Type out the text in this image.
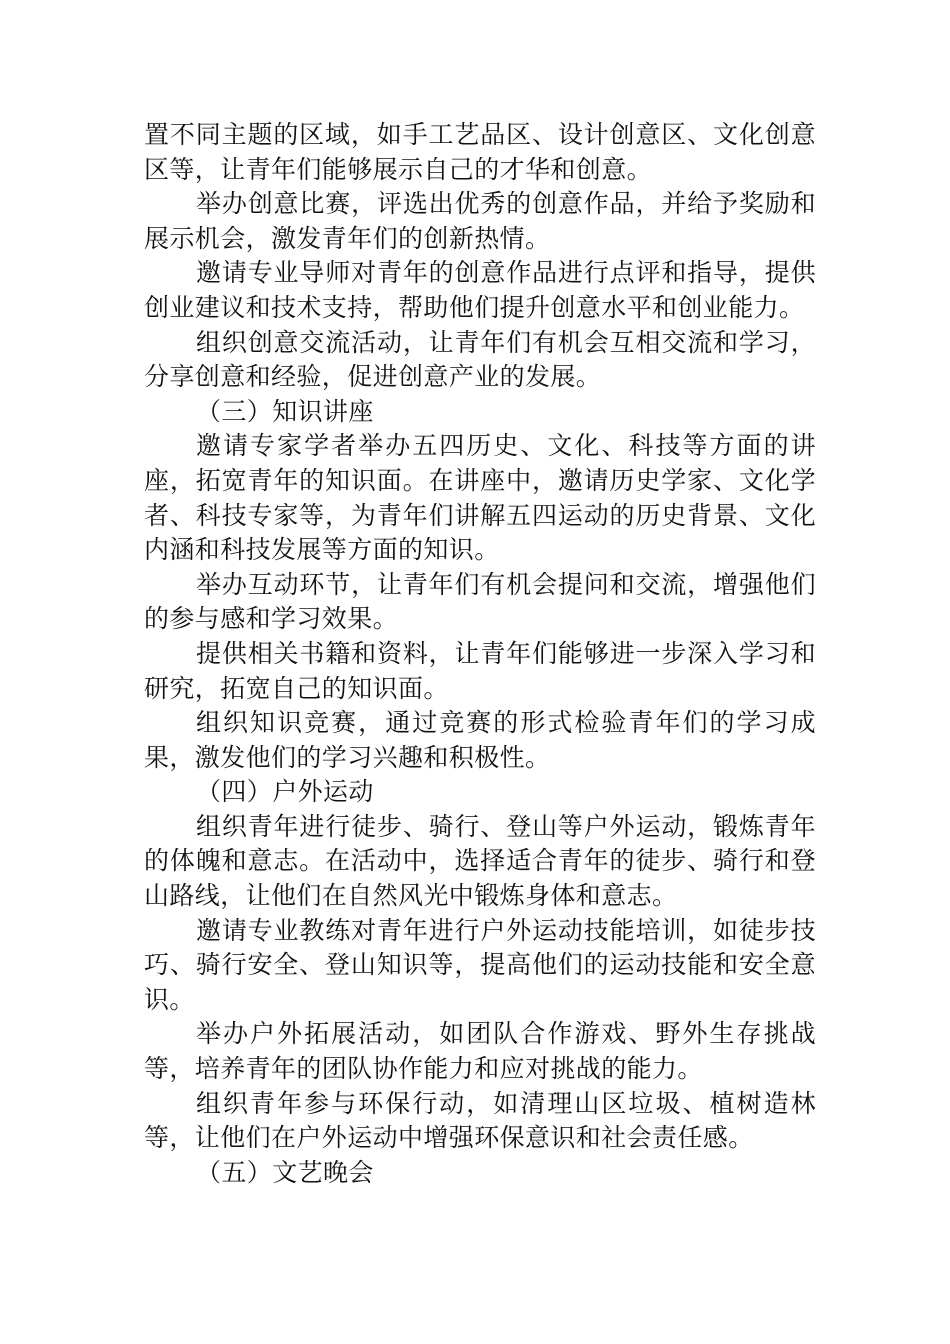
置不同主题的区域，如手工艺品区、设计创意区、文化创意区等，让青年们能够展示自己的才华和创意。

举办创意比赛，评选出优秀的创意作品，并给予奖励和展示机会，激发青年们的创新热情。

邀请专业导师对青年的创意作品进行点评和指导，提供创业建议和技术支持，帮助他们提升创意水平和创业能力。

组织创意交流活动，让青年们有机会互相交流和学习，分享创意和经验，促进创意产业的发展。

（三）知识讲座

邀请专家学者举办五四历史、文化、科技等方面的讲座，拓宽青年的知识面。在讲座中，邀请历史学家、文化学者、科技专家等，为青年们讲解五四运动的历史背景、文化内涵和科技发展等方面的知识。

举办互动环节，让青年们有机会提问和交流，增强他们的参与感和学习效果。

提供相关书籍和资料，让青年们能够进一步深入学习和研究，拓宽自己的知识面。

组织知识竞赛，通过竞赛的形式检验青年们的学习成果，激发他们的学习兴趣和积极性。

（四）户外运动

组织青年进行徒步、骑行、登山等户外运动，锻炼青年的体魄和意志。在活动中，选择适合青年的徒步、骑行和登山路线，让他们在自然风光中锻炼身体和意志。

邀请专业教练对青年进行户外运动技能培训，如徒步技巧、骑行安全、登山知识等，提高他们的运动技能和安全意识。

举办户外拓展活动，如团队合作游戏、野外生存挑战等，培养青年的团队协作能力和应对挑战的能力。

组织青年参与环保行动，如清理山区垃圾、植树造林等，让他们在户外运动中增强环保意识和社会责任感。

（五）文艺晚会
